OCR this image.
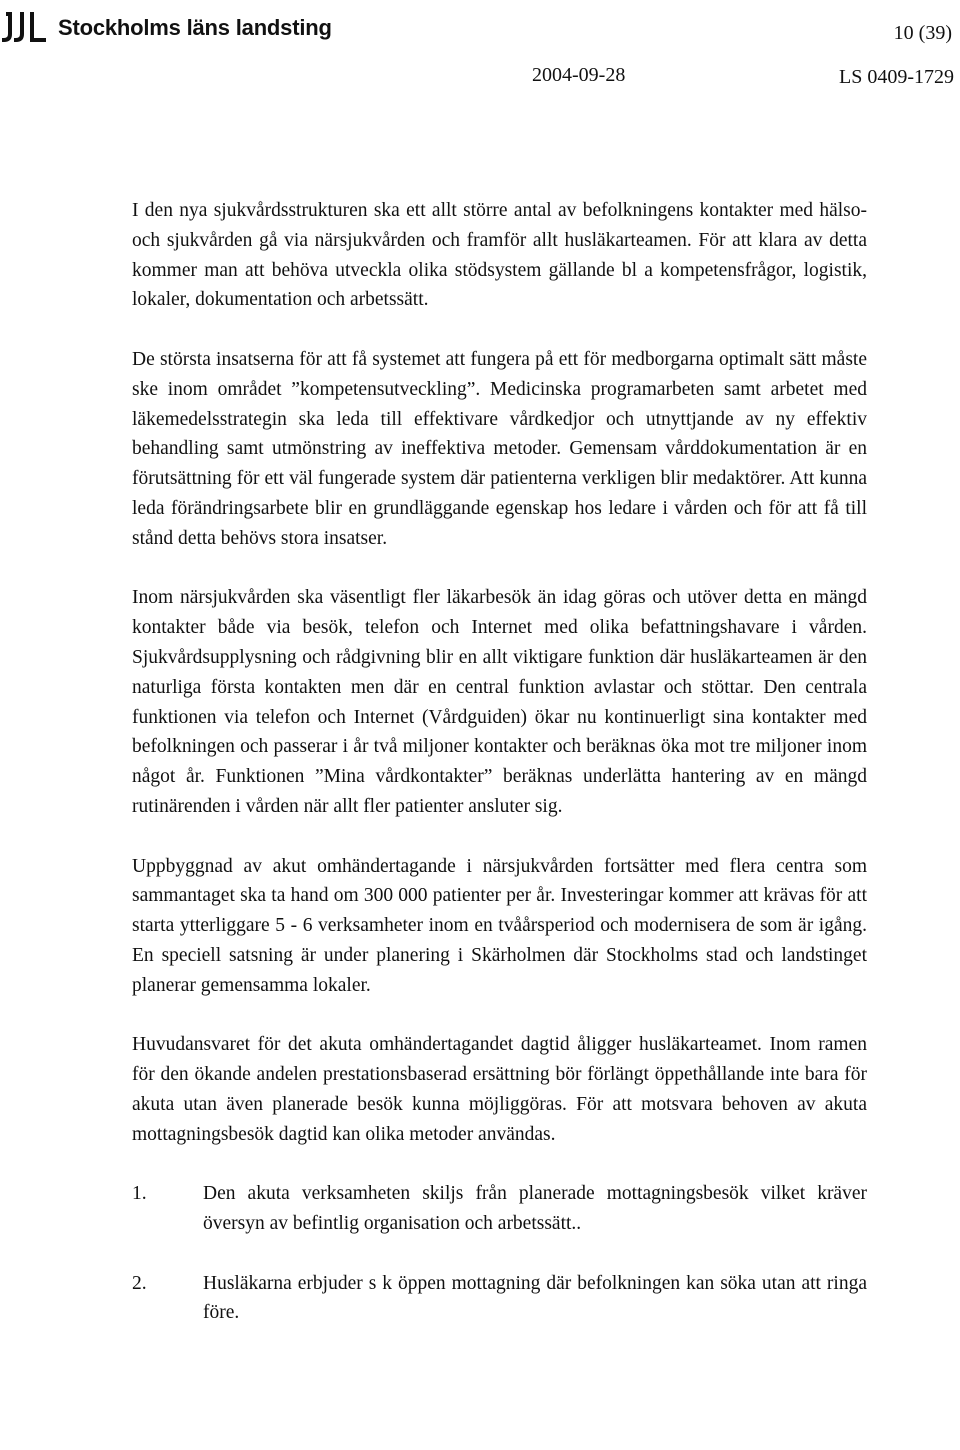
Stockholms läns landsting	10 (39)
2004-09-28	LS 0409-1729

I den nya sjukvårdsstrukturen ska ett allt större antal av befolkningens kontakter med hälso- och sjukvården gå via närsjukvården och framför allt husläkarteamen. För att klara av detta kommer man att behöva utveckla olika stödsystem gällande bl a kompetensfrågor, logistik, lokaler, dokumentation och arbetssätt.

De största insatserna för att få systemet att fungera på ett för medborgarna optimalt sätt måste ske inom området ”kompetensutveckling”. Medicinska programarbeten samt arbetet med läkemedelsstrategin ska leda till effektivare vårdkedjor och utnyttjande av ny effektiv behandling samt utmönstring av ineffektiva metoder. Gemensam vårddokumentation är en förutsättning för ett väl fungerade system där patienterna verkligen blir medaktörer. Att kunna leda förändringsarbete blir en grundläggande egenskap hos ledare i vården och för att få till stånd detta behövs stora insatser.

Inom närsjukvården ska väsentligt fler läkarbesök än idag göras och utöver detta en mängd kontakter både via besök, telefon och Internet med olika befattningshavare i vården. Sjukvårdsupplysning och rådgivning blir en allt viktigare funktion där husläkarteamen är den naturliga första kontakten men där en central funktion avlastar och stöttar. Den centrala funktionen via telefon och Internet (Vårdguiden) ökar nu kontinuerligt sina kontakter med befolkningen och passerar i år två miljoner kontakter och beräknas öka mot tre miljoner inom något år. Funktionen ”Mina vårdkontakter” beräknas underlätta hantering av en mängd rutinärenden i vården när allt fler patienter ansluter sig.

Uppbyggnad av akut omhändertagande i närsjukvården fortsätter med flera centra som sammantaget ska ta hand om 300 000 patienter per år. Investeringar kommer att krävas för att starta ytterliggare 5 - 6 verksamheter inom en tvåårsperiod och modernisera de som är igång. En speciell satsning är under planering i Skärholmen där Stockholms stad och landstinget planerar gemensamma lokaler.

Huvudansvaret för det akuta omhändertagandet dagtid åligger husläkarteamet. Inom ramen för den ökande andelen prestationsbaserad ersättning bör förlängt öppethållande inte bara för akuta utan även planerade besök kunna möjliggöras. För att motsvara behoven av akuta mottagningsbesök dagtid kan olika metoder användas.

1.	Den akuta verksamheten skiljs från planerade mottagningsbesök vilket kräver översyn av befintlig organisation och arbetssätt..
2.	Husläkarna erbjuder s k öppen mottagning där befolkningen kan söka utan att ringa före.
